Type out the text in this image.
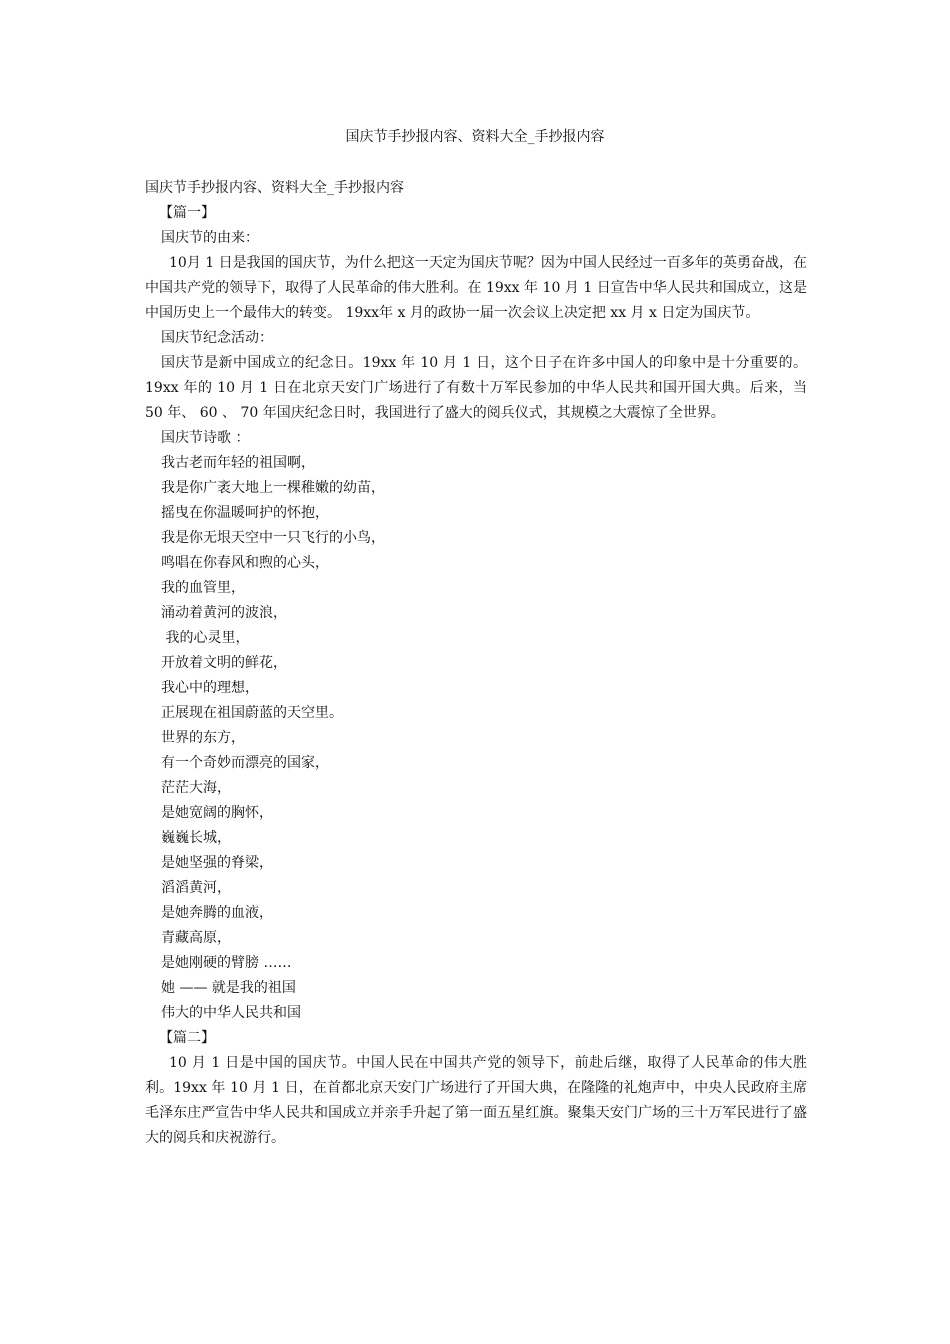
国庆节手抄报内容、资料大全_手抄报内容
国庆节手抄报内容、资料大全_手抄报内容
【篇一】
国庆节的由来：
10月 1 日是我国的国庆节，为什么把这一天定为国庆节呢？因为中国人民经过一百多年的英勇奋战，在中国共产党的领导下，取得了人民革命的伟大胜利。在 19xx 年 10 月 1 日宣告中华人民共和国成立，这是中国历史上一个最伟大的转变。 19xx年 x 月的政协一届一次会议上决定把 xx 月 x 日定为国庆节。
国庆节纪念活动：
国庆节是新中国成立的纪念日。19xx 年 10 月 1 日，这个日子在许多中国人的印象中是十分重要的。 19xx 年的 10 月 1 日在北京天安门广场进行了有数十万军民参加的中华人民共和国开国大典。后来，当 50 年、 60 、 70 年国庆纪念日时，我国进行了盛大的阅兵仪式，其规模之大震惊了全世界。
国庆节诗歌 ：
我古老而年轻的祖国啊，
我是你广袤大地上一棵稚嫩的幼苗，
摇曳在你温暖呵护的怀抱，
我是你无垠天空中一只飞行的小鸟，
鸣唱在你春风和煦的心头，
我的血管里，
涌动着黄河的波浪，
我的心灵里，
开放着文明的鲜花，
我心中的理想，
正展现在祖国蔚蓝的天空里。
世界的东方，
有一个奇妙而漂亮的国家，
茫茫大海，
是她宽阔的胸怀，
巍巍长城，
是她坚强的脊梁，
滔滔黄河，
是她奔腾的血液，
青藏高原，
是她刚硬的臂膀 ……
她 —— 就是我的祖国
伟大的中华人民共和国
【篇二】
10 月 1 日是中国的国庆节。中国人民在中国共产党的领导下，前赴后继，取得了人民革命的伟大胜利。19xx 年 10 月 1 日，在首都北京天安门广场进行了开国大典，在隆隆的礼炮声中，中央人民政府主席毛泽东庄严宣告中华人民共和国成立并亲手升起了第一面五星红旗。聚集天安门广场的三十万军民进行了盛大的阅兵和庆祝游行。
